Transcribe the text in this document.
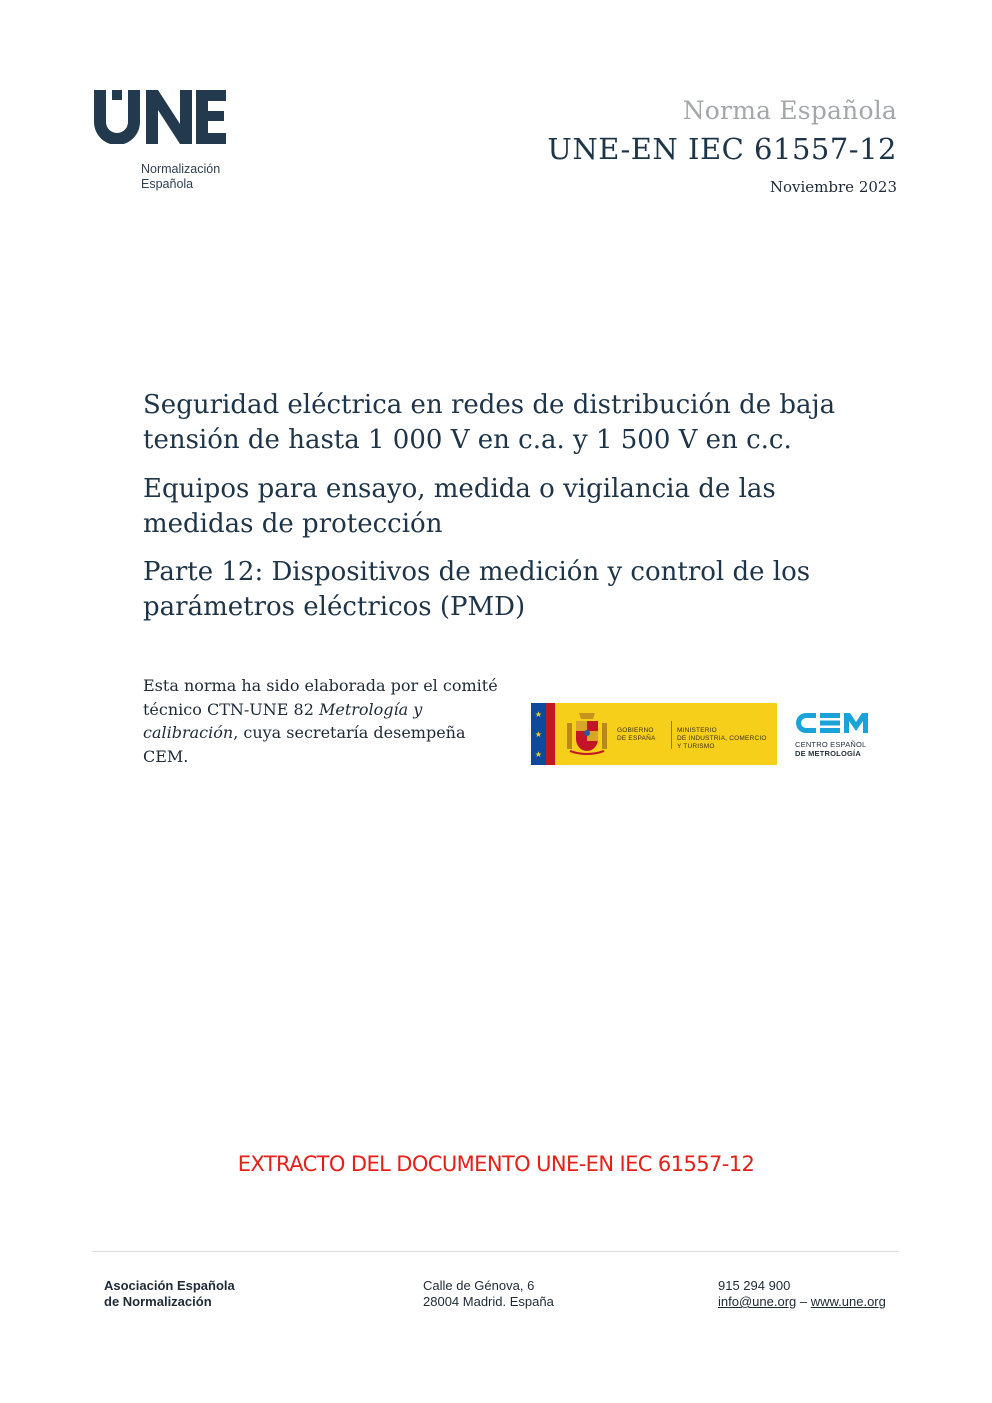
Normalización
Española
Norma Española
UNE-EN IEC 61557-12
Noviembre 2023
Seguridad eléctrica en redes de distribución de baja tensión de hasta 1 000 V en c.a. y 1 500 V en c.c.
Equipos para ensayo, medida o vigilancia de las medidas de protección
Parte 12: Dispositivos de medición y control de los parámetros eléctricos (PMD)
Esta norma ha sido elaborada por el comité técnico CTN-UNE 82 Metrología y calibración, cuya secretaría desempeña CEM.
★
★
★
GOBIERNO
DE ESPAÑA
MINISTERIO
DE INDUSTRIA, COMERCIO
Y TURISMO	CENTRO ESPAÑOL
DE METROLOGÍA
EXTRACTO DEL DOCUMENTO UNE-EN IEC 61557-12
Asociación Española
de Normalización
Calle de Génova, 6
28004 Madrid. España
915 294 900
info@une.org – www.une.org
